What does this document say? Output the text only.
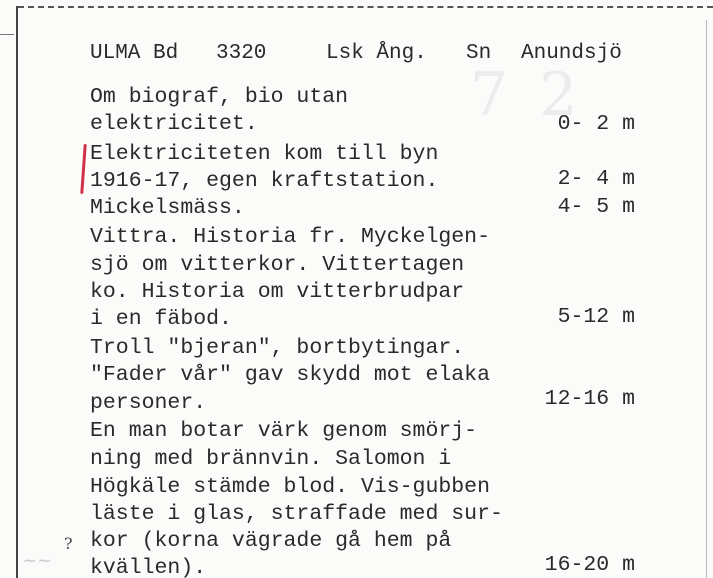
7 2
ULMA Bd 3320	Lsk Ång. Sn Anundsjö
Om biograf, bio utan
elektricitet.
Elektriciteten kom till byn
1916-17, egen kraftstation.
Mickelsmäss.
Vittra. Historia fr. Myckelgen-
sjö om vitterkor. Vittertagen
ko. Historia om vitterbrudpar
i en fäbod.
Troll "bjeran", bortbytingar.
"Fader vår" gav skydd mot elaka
personer.
En man botar värk genom smörj-
ning med brännvin. Salomon i
Högkäle stämde blod. Vis-gubben
läste i glas, straffade med sur-
kor (korna vägrade gå hem på
kvällen).
0- 2 m
2- 4 m
4- 5 m
5-12 m
12-16 m
16-20 m
~~
?
